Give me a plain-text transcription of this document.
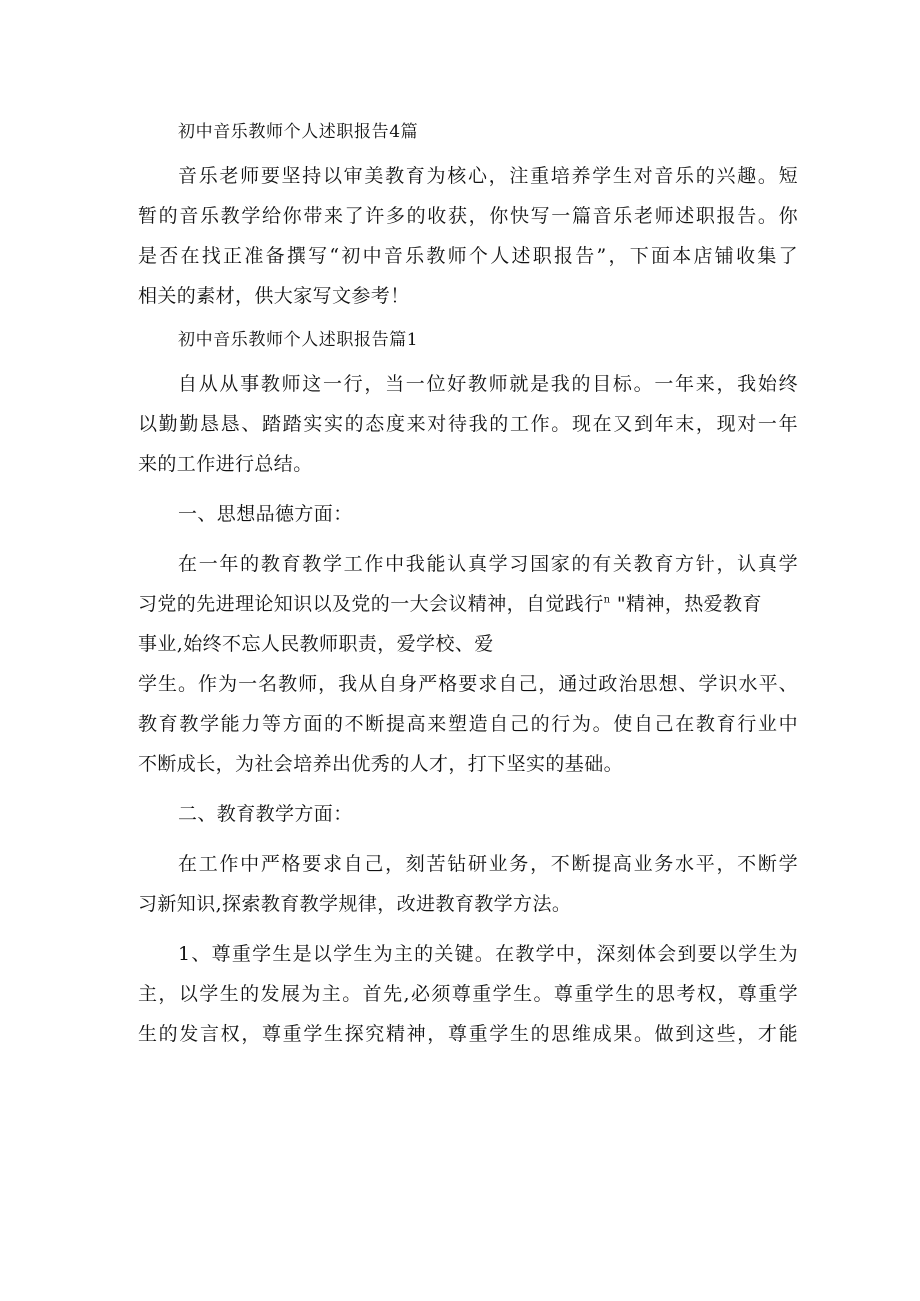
初中音乐教师个人述职报告4篇
音乐老师要坚持以审美教育为核心，注重培养学生对音乐的兴趣。短
暂的音乐教学给你带来了许多的收获，你快写一篇音乐老师述职报告。你
是否在找正准备撰写“初中音乐教师个人述职报告”，下面本店铺收集了
相关的素材，供大家写文参考！
初中音乐教师个人述职报告篇1
自从从事教师这一行，当一位好教师就是我的目标。一年来，我始终
以勤勤恳恳、踏踏实实的态度来对待我的工作。现在又到年末，现对一年
来的工作进行总结。
一、思想品德方面：
在一年的教育教学工作中我能认真学习国家的有关教育方针，认真学
习党的先进理论知识以及党的一大会议精神，自觉践行$^n$ "精神，热爱教育
事业,始终不忘人民教师职责，爱学校、爱
学生。作为一名教师，我从自身严格要求自己，通过政治思想、学识水平、
教育教学能力等方面的不断提高来塑造自己的行为。使自己在教育行业中
不断成长，为社会培养出优秀的人才，打下坚实的基础。
二、教育教学方面：
在工作中严格要求自己，刻苦钻研业务，不断提高业务水平，不断学
习新知识,探索教育教学规律，改进教育教学方法。
1、尊重学生是以学生为主的关键。在教学中，深刻体会到要以学生为
主，以学生的发展为主。首先,必须尊重学生。尊重学生的思考权，尊重学
生的发言权，尊重学生探究精神，尊重学生的思维成果。做到这些，才能
